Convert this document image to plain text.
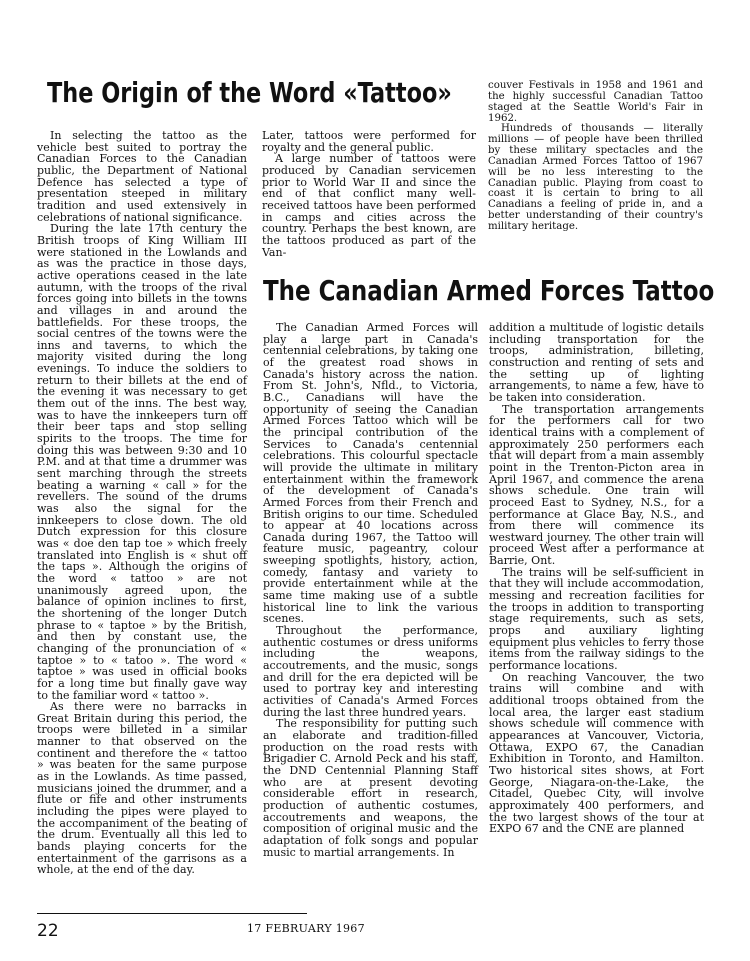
The Origin of the Word «Tattoo»

In selecting the tattoo as the vehicle best suited to portray the Canadian Forces to the Canadian public, the Department of National Defence has selected a type of presentation steeped in military tradition and used extensively in celebrations of national significance.

During the late 17th century the British troops of King William III were stationed in the Lowlands and as was the practice in those days, active operations ceased in the late autumn, with the troops of the rival forces going into billets in the towns and villages in and around the battlefields. For these troops, the social centres of the towns were the inns and taverns, to which the majority visited during the long evenings. To induce the soldiers to return to their billets at the end of the evening it was necessary to get them out of the inns. The best way, was to have the innkeepers turn off their beer taps and stop selling spirits to the troops. The time for doing this was between 9:30 and 10 P.M. and at that time a drummer was sent marching through the streets beating a warning « call » for the revellers. The sound of the drums was also the signal for the innkeepers to close down. The old Dutch expression for this closure was « doe den tap toe » which freely translated into English is « shut off the taps ». Although the origins of the word « tattoo » are not unanimously agreed upon, the balance of opinion inclines to first, the shortening of the longer Dutch phrase to « taptoe » by the British, and then by constant use, the changing of the pronunciation of « taptoe » to « tatoo ». The word « taptoe » was used in official books for a long time but finally gave way to the familiar word « tattoo ».

As there were no barracks in Great Britain during this period, the troops were billeted in a similar manner to that observed on the continent and therefore the « tattoo » was beaten for the same purpose as in the Lowlands. As time passed, musicians joined the drummer, and a flute or fife and other instruments including the pipes were played to the accompaniment of the beating of the drum. Eventually all this led to bands playing concerts for the entertainment of the garrisons as a whole, at the end of the day.

Later, tattoos were performed for royalty and the general public.

A large number of tattoos were produced by Canadian servicemen prior to World War II and since the end of that conflict many well-received tattoos have been performed in camps and cities across the country. Perhaps the best known, are the tattoos produced as part of the Van-

couver Festivals in 1958 and 1961 and the highly successful Canadian Tattoo staged at the Seattle World's Fair in 1962.

Hundreds of thousands — literally millions — of people have been thrilled by these military spectacles and the Canadian Armed Forces Tattoo of 1967 will be no less interesting to the Canadian public. Playing from coast to coast it is certain to bring to all Canadians a feeling of pride in, and a better understanding of their country's military heritage.

The Canadian Armed Forces Tattoo

The Canadian Armed Forces will play a large part in Canada's centennial celebrations, by taking one of the greatest road shows in Canada's history across the nation. From St. John's, Nfld., to Victoria, B.C., Canadians will have the opportunity of seeing the Canadian Armed Forces Tattoo which will be the principal contribution of the Services to Canada's centennial celebrations. This colourful spectacle will provide the ultimate in military entertainment within the framework of the development of Canada's Armed Forces from their French and British origins to our time. Scheduled to appear at 40 locations across Canada during 1967, the Tattoo will feature music, pageantry, colour sweeping spotlights, history, action, comedy, fantasy and variety to provide entertainment while at the same time making use of a subtle historical line to link the various scenes.

Throughout the performance, authentic costumes or dress uniforms including the weapons, accoutrements, and the music, songs and drill for the era depicted will be used to portray key and interesting activities of Canada's Armed Forces during the last three hundred years.

The responsibility for putting such an elaborate and tradition-filled production on the road rests with Brigadier C. Arnold Peck and his staff, the DND Centennial Planning Staff who are at present devoting considerable effort in research, production of authentic costumes, accoutrements and weapons, the composition of original music and the adaptation of folk songs and popular music to martial arrangements. In

addition a multitude of logistic details including transportation for the troops, administration, billeting, construction and renting of sets and the setting up of lighting arrangements, to name a few, have to be taken into consideration.

The transportation arrangements for the performers call for two identical trains with a complement of approximately 250 performers each that will depart from a main assembly point in the Trenton-Picton area in April 1967, and commence the arena shows schedule. One train will proceed East to Sydney, N.S., for a performance at Glace Bay, N.S., and from there will commence its westward journey. The other train will proceed West after a performance at Barrie, Ont.

The trains will be self-sufficient in that they will include accommodation, messing and recreation facilities for the troops in addition to transporting stage requirements, such as sets, props and auxiliary lighting equipment plus vehicles to ferry those items from the railway sidings to the performance locations.

On reaching Vancouver, the two trains will combine and with additional troops obtained from the local area, the larger east stadium shows schedule will commence with appearances at Vancouver, Victoria, Ottawa, EXPO 67, the Canadian Exhibition in Toronto, and Hamilton. Two historical sites shows, at Fort George, Niagara-on-the-Lake, the Citadel, Quebec City, will involve approximately 400 performers, and the two largest shows of the tour at EXPO 67 and the CNE are planned

22	17 FEBRUARY 1967
